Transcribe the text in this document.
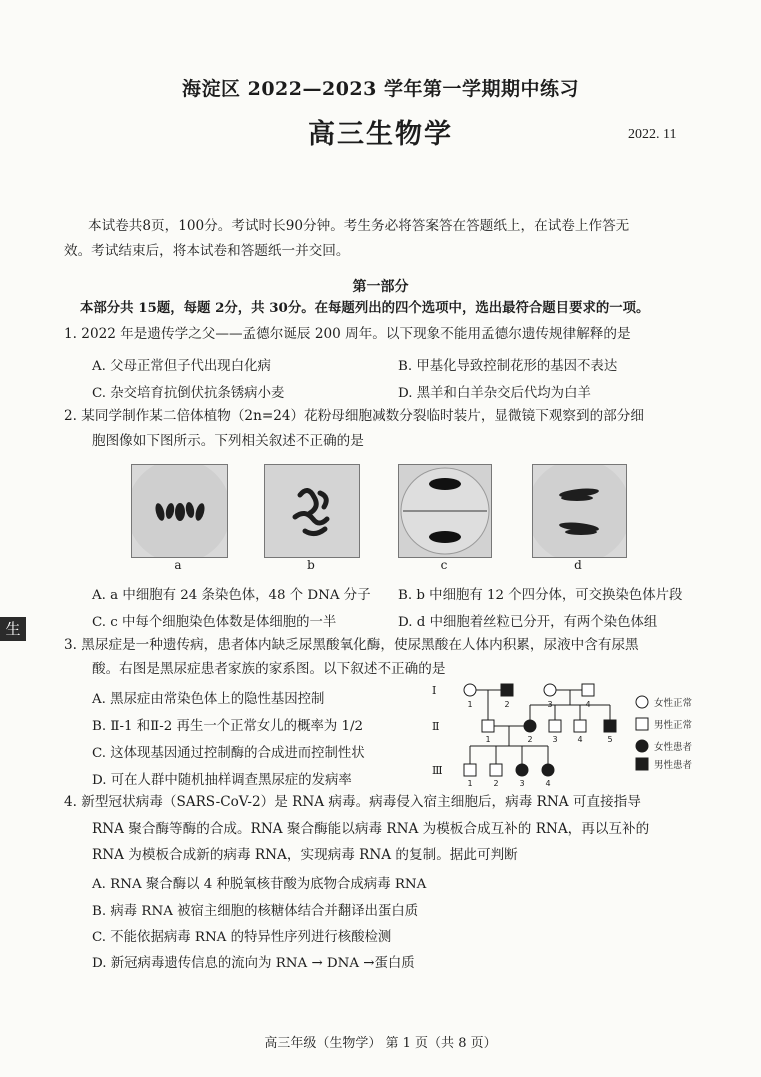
海淀区 2022—2023 学年第一学期期中练习
高三生物学	2022. 11
本试卷共8页，100分。考试时长90分钟。考生务必将答案答在答题纸上，在试卷上作答无
效。考试结束后，将本试卷和答题纸一并交回。
第一部分
本部分共 15题，每题 2分，共 30分。在每题列出的四个选项中，选出最符合题目要求的一项。
1. 2022 年是遗传学之父——孟德尔诞辰 200 周年。以下现象不能用孟德尔遗传规律解释的是
A. 父母正常但子代出现白化病	B. 甲基化导致控制花形的基因不表达
C. 杂交培育抗倒伏抗条锈病小麦	D. 黑羊和白羊杂交后代均为白羊
2. 某同学制作某二倍体植物（2n=24）花粉母细胞减数分裂临时装片，显微镜下观察到的部分细
胞图像如下图所示。下列相关叙述不正确的是
a	b	c	d
A. a 中细胞有 24 条染色体，48 个 DNA 分子 B. b 中细胞有 12 个四分体，可交换染色体片段
C. c 中每个细胞染色体数是体细胞的一半	D. d 中细胞着丝粒已分开，有两个染色体组
生
3. 黑尿症是一种遗传病，患者体内缺乏尿黑酸氧化酶，使尿黑酸在人体内积累，尿液中含有尿黑
酸。右图是黑尿症患者家族的家系图。以下叙述不正确的是
A. 黑尿症由常染色体上的隐性基因控制
B. Ⅱ-1 和Ⅱ-2 再生一个正常女儿的概率为 1/2
C. 这体现基因通过控制酶的合成进而控制性状
D. 可在人群中随机抽样调查黑尿症的发病率
Ⅰ
Ⅱ
Ⅲ
1	2	3	4
1	2 3 4	5
1	2	3	4
女性正常
男性正常
女性患者
男性患者
4. 新型冠状病毒（SARS-CoV-2）是 RNA 病毒。病毒侵入宿主细胞后，病毒 RNA 可直接指导
RNA 聚合酶等酶的合成。RNA 聚合酶能以病毒 RNA 为模板合成互补的 RNA，再以互补的
RNA 为模板合成新的病毒 RNA，实现病毒 RNA 的复制。据此可判断
A. RNA 聚合酶以 4 种脱氧核苷酸为底物合成病毒 RNA
B. 病毒 RNA 被宿主细胞的核糖体结合并翻译出蛋白质
C. 不能依据病毒 RNA 的特异性序列进行核酸检测
D. 新冠病毒遗传信息的流向为 RNA → DNA →蛋白质
高三年级（生物学） 第 1 页（共 8 页）
